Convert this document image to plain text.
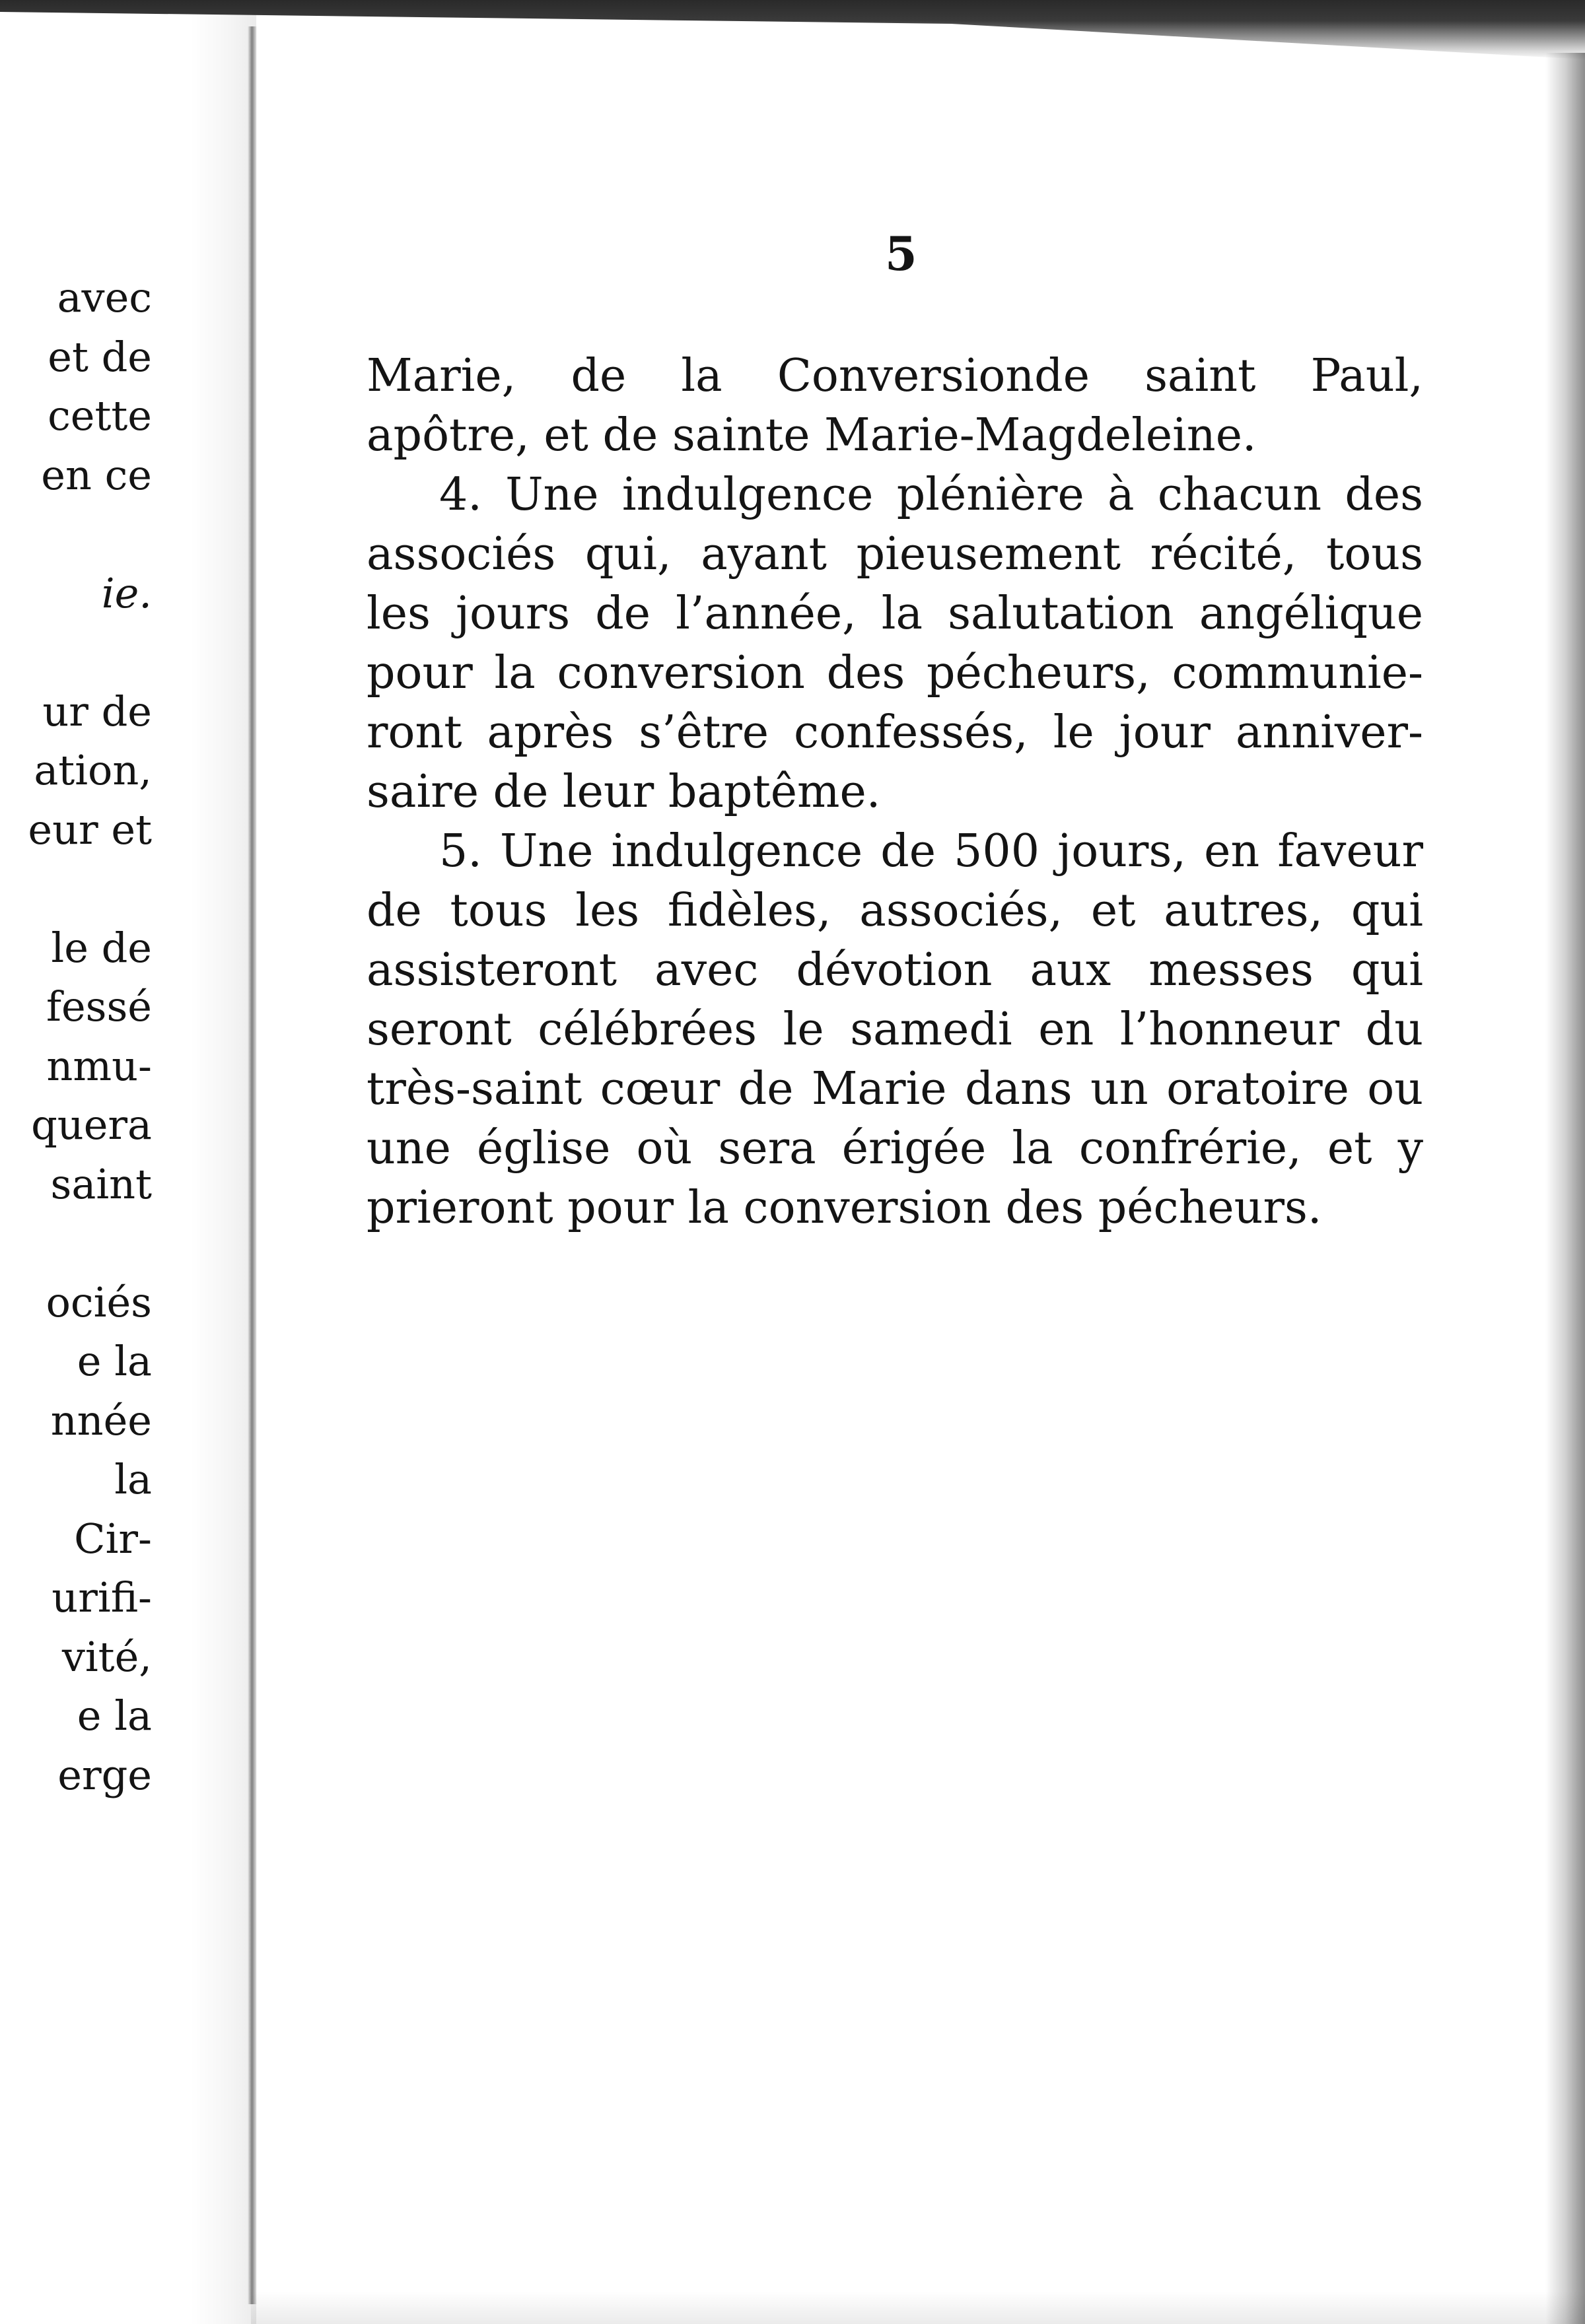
avec
et de
cette
en ce
ie.
ur de
ation,
eur et
le de
fessé
nmu-
quera
saint
ociés
e la
nnée
la
Cir-
urifi-
vité,
e la
erge
5
Marie, de la Conversionde saint Paul,
apôtre, et de sainte Marie-Magdeleine.
4. Une indulgence plénière à chacun des
associés qui, ayant pieusement récité, tous
les jours de l’année, la salutation angélique
pour la conversion des pécheurs, communie-
ront après s’être confessés, le jour anniver-
saire de leur baptême.
5. Une indulgence de 500 jours, en faveur
de tous les fidèles, associés, et autres, qui
assisteront avec dévotion aux messes qui
seront célébrées le samedi en l’honneur du
très-saint cœur de Marie dans un oratoire ou
une église où sera érigée la confrérie, et y
prieront pour la conversion des pécheurs.
